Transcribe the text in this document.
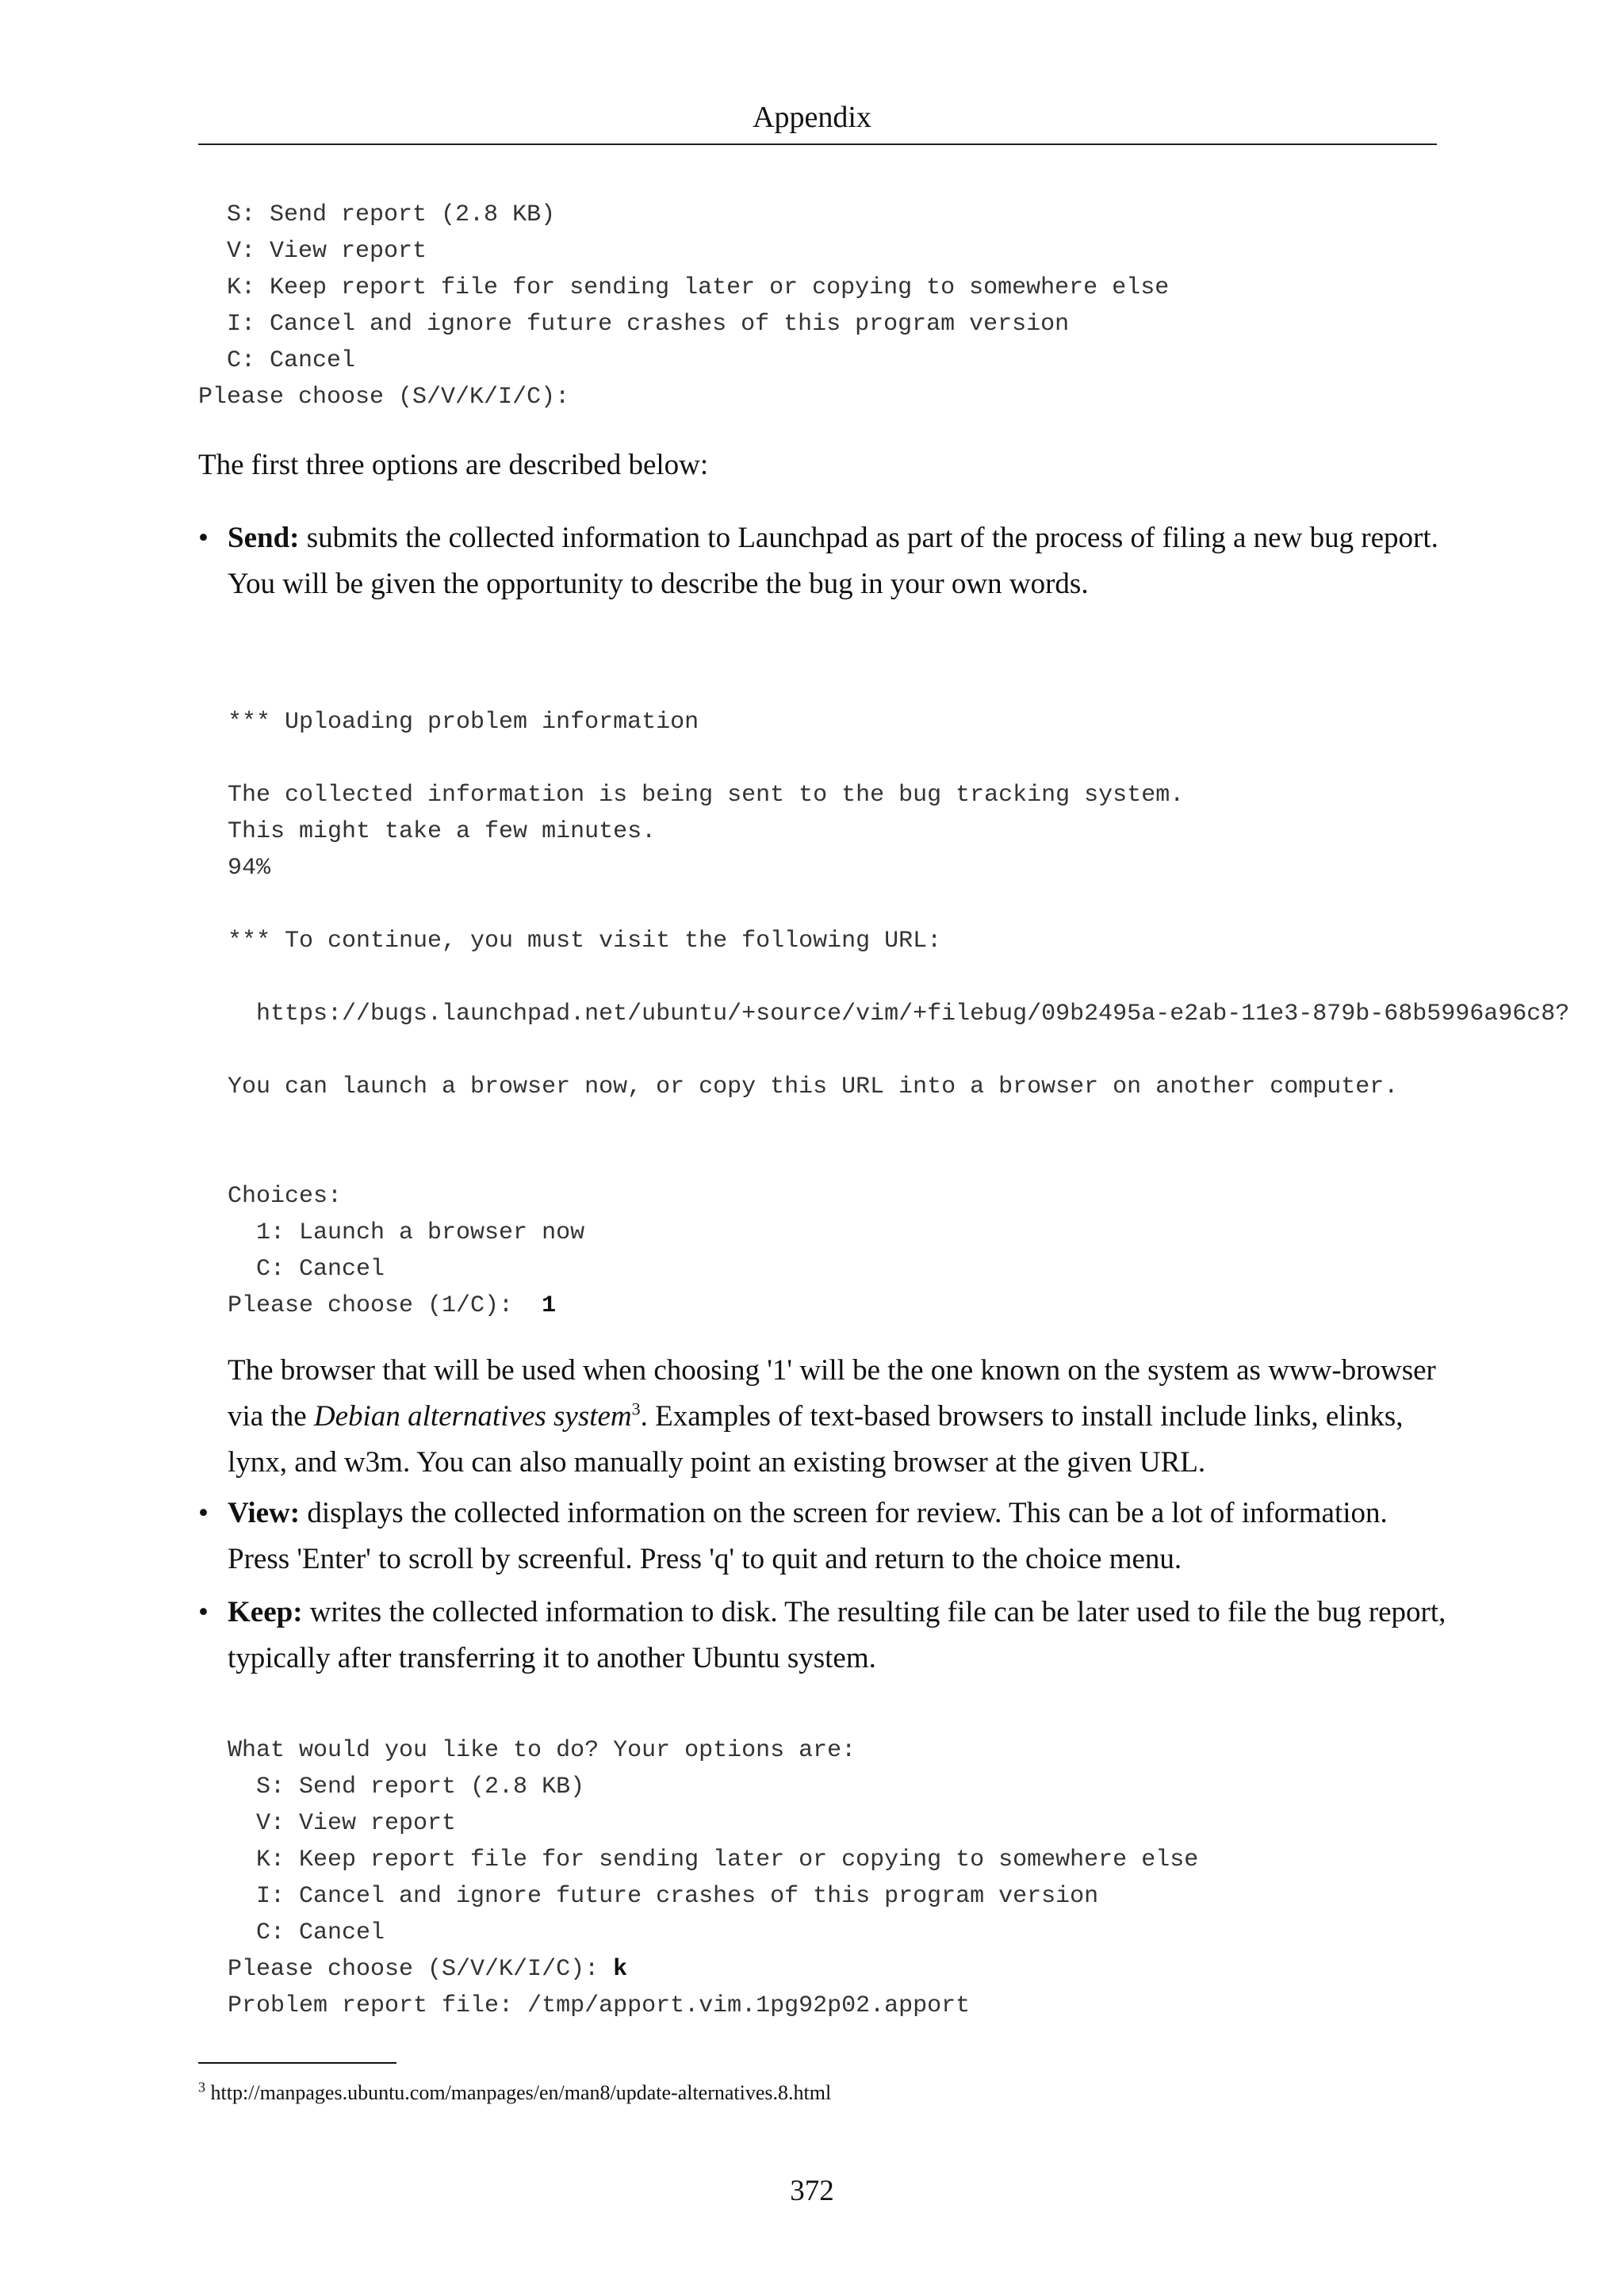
Appendix
S: Send report (2.8 KB)
V: View report
K: Keep report file for sending later or copying to somewhere else
I: Cancel and ignore future crashes of this program version
C: Cancel
Please choose (S/V/K/I/C):
The first three options are described below:
• Send: submits the collected information to Launchpad as part of the process of filing a new bug report. You will be given the opportunity to describe the bug in your own words.
*** Uploading problem information

The collected information is being sent to the bug tracking system.
This might take a few minutes.
94%

*** To continue, you must visit the following URL:

https://bugs.launchpad.net/ubuntu/+source/vim/+filebug/09b2495a-e2ab-11e3-879b-68b5996a96c8?

You can launch a browser now, or copy this URL into a browser on another computer.

Choices:
1: Launch a browser now
C: Cancel
Please choose (1/C):  1
The browser that will be used when choosing '1' will be the one known on the system as www-browser via the Debian alternatives system$^3$. Examples of text-based browsers to install include links, elinks, lynx, and w3m. You can also manually point an existing browser at the given URL.
• View: displays the collected information on the screen for review. This can be a lot of information. Press 'Enter' to scroll by screenful. Press 'q' to quit and return to the choice menu.
• Keep: writes the collected information to disk. The resulting file can be later used to file the bug report, typically after transferring it to another Ubuntu system.
What would you like to do? Your options are:
S: Send report (2.8 KB)
V: View report
K: Keep report file for sending later or copying to somewhere else
I: Cancel and ignore future crashes of this program version
C: Cancel
Please choose (S/V/K/I/C): k
Problem report file: /tmp/apport.vim.1pg92p02.apport
$^3$ http://manpages.ubuntu.com/manpages/en/man8/update-alternatives.8.html
372
